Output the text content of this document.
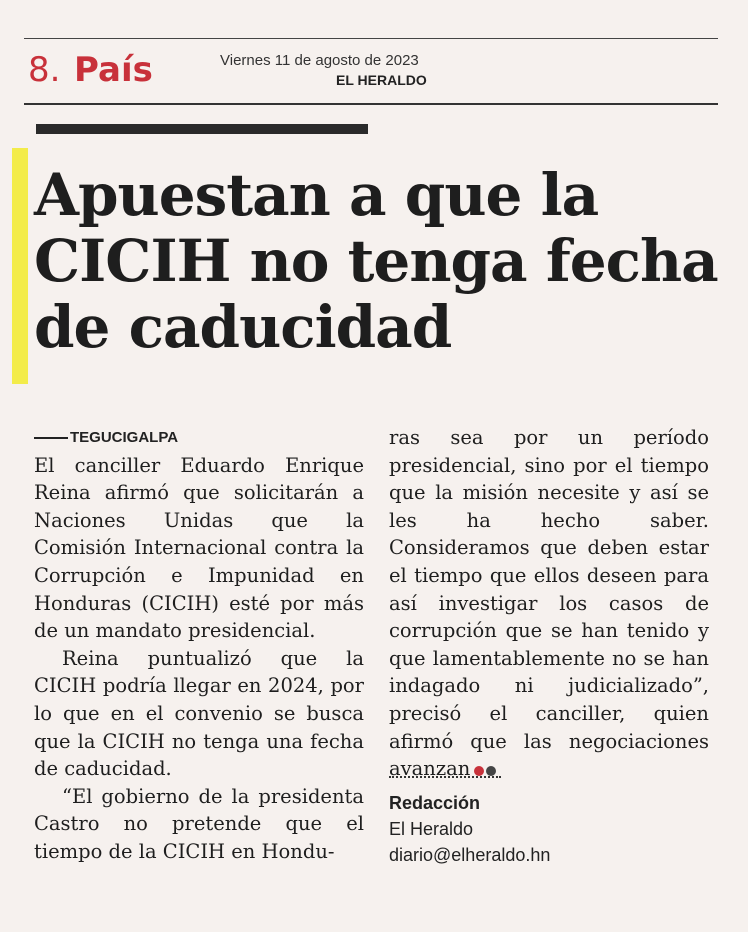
8. País	Viernes 11 de agosto de 2023
EL HERALDO
Apuestan a que la CICIH no tenga fecha de caducidad
TEGUCIGALPA

El canciller Eduardo Enrique Reina afirmó que solicitarán a Naciones Unidas que la Comisión Internacional contra la Corrupción e Impunidad en Honduras (CICIH) esté por más de un mandato presidencial.

Reina puntualizó que la CICIH podría llegar en 2024, por lo que en el convenio se busca que la CICIH no tenga una fecha de caducidad.

“El gobierno de la presidenta Castro no pretende que el tiempo de la CICIH en Hondu-

ras sea por un período presidencial, sino por el tiempo que la misión necesite y así se les ha hecho saber. Consideramos que deben estar el tiempo que ellos deseen para así investigar los casos de corrupción que se han tenido y que lamentablemente no se han indagado ni judicializado”, precisó el canciller, quien afirmó que las negociaciones avanzan

Redacción
El Heraldo
diario@elheraldo.hn
